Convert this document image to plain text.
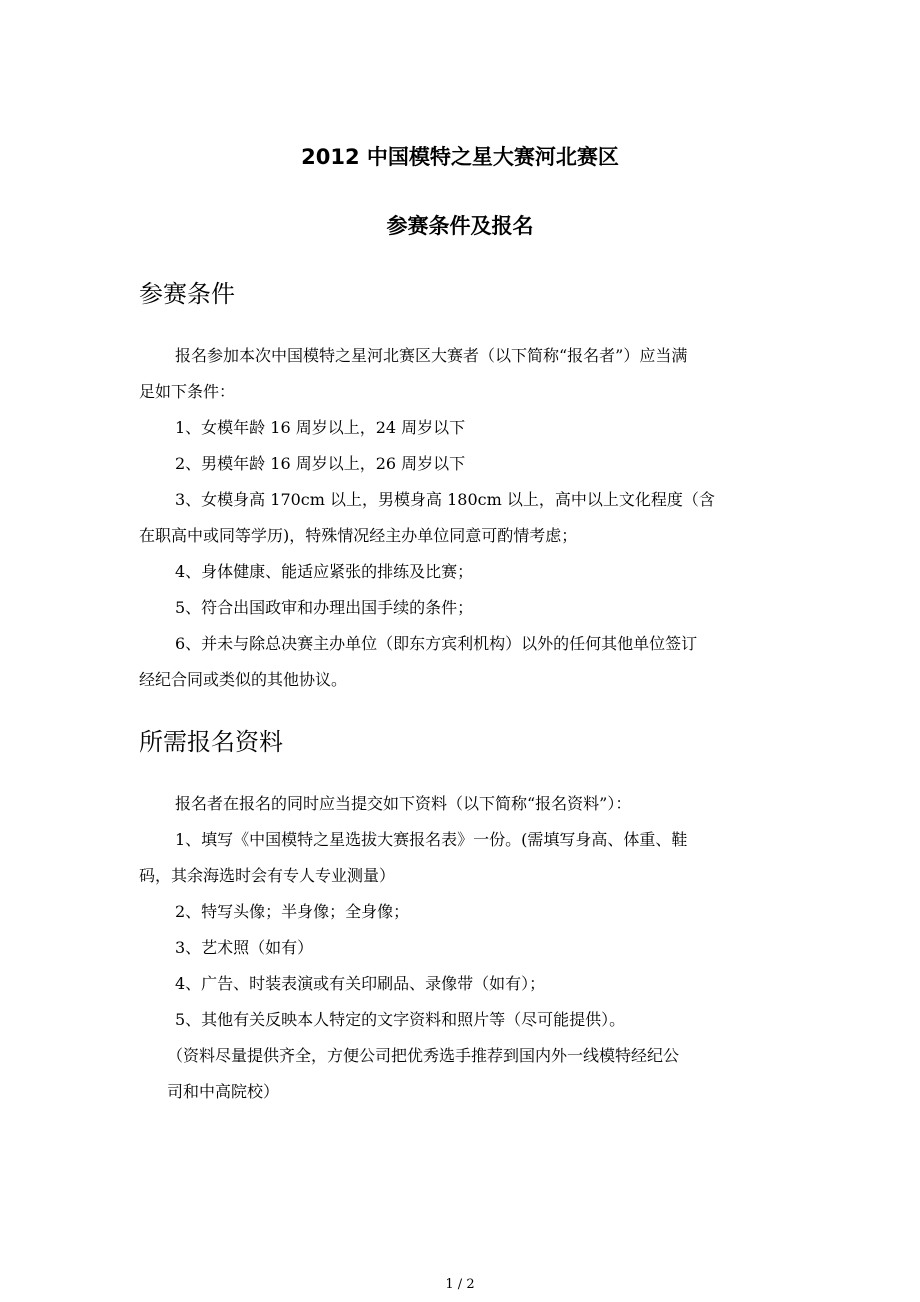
2012 中国模特之星大赛河北赛区
参赛条件及报名
参赛条件
报名参加本次中国模特之星河北赛区大赛者（以下简称“报名者”）应当满
足如下条件：
1、女模年龄 16 周岁以上，24 周岁以下
2、男模年龄 16 周岁以上，26 周岁以下
3、女模身高 170cm 以上，男模身高 180cm 以上，高中以上文化程度（含
在职高中或同等学历)，特殊情况经主办单位同意可酌情考虑；
4、身体健康、能适应紧张的排练及比赛；
5、符合出国政审和办理出国手续的条件；
6、并未与除总决赛主办单位（即东方宾利机构）以外的任何其他单位签订
经纪合同或类似的其他协议。
所需报名资料
报名者在报名的同时应当提交如下资料（以下简称“报名资料”）：
1、填写《中国模特之星选拔大赛报名表》一份。(需填写身高、体重、鞋
码，其余海选时会有专人专业测量）
2、特写头像；半身像；全身像；
3、艺术照（如有）
4、广告、时装表演或有关印刷品、录像带（如有）；
5、其他有关反映本人特定的文字资料和照片等（尽可能提供）。
（资料尽量提供齐全，方便公司把优秀选手推荐到国内外一线模特经纪公
司和中高院校）
1 / 2
